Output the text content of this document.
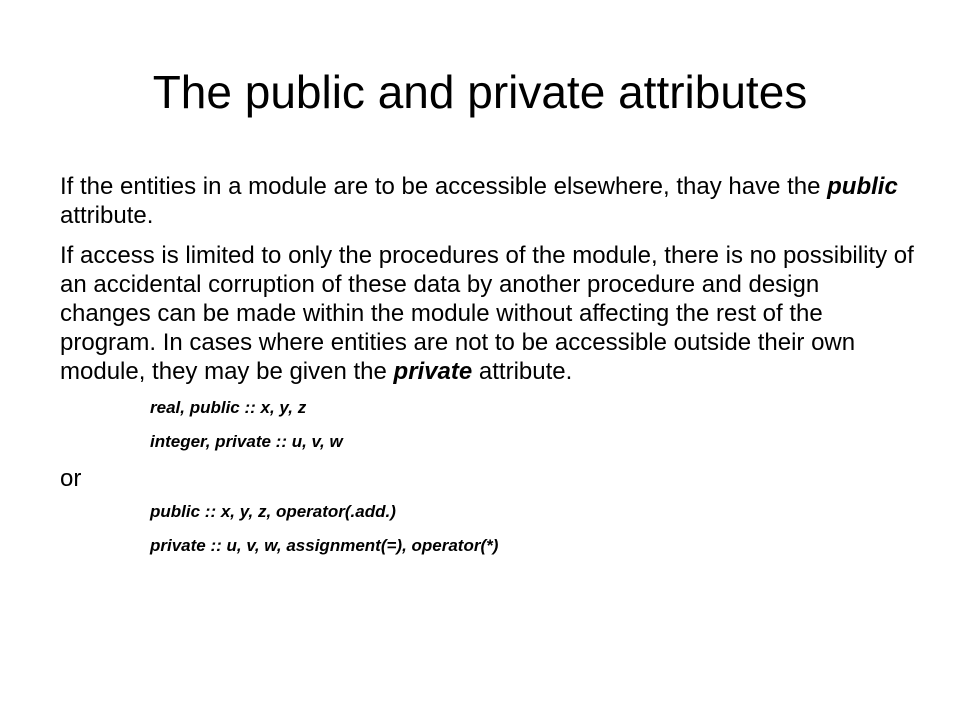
The public and private attributes

If the entities in a module are to be accessible elsewhere, thay have the public attribute.

If access is limited to only the procedures of the module, there is no possibility of an accidental corruption of these data by another procedure and design changes can be made within the module without affecting the rest of the program. In cases where entities are not to be accessible outside their own module, they may be given the private attribute.

real, public :: x, y, z
integer, private :: u, v, w
or
public :: x, y, z, operator(.add.)
private :: u, v, w, assignment(=), operator(*)
